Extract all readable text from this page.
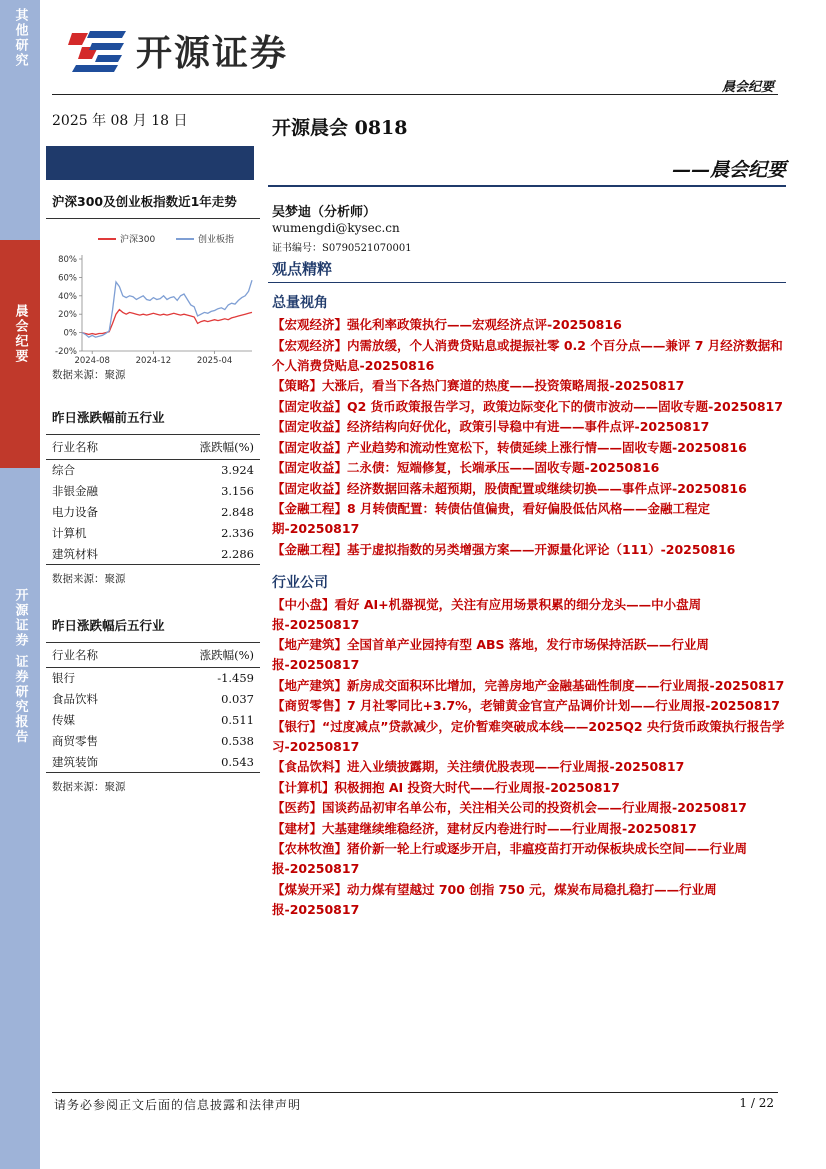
其他研究
晨会纪要
开源证券 证券研究报告
开源证券
晨会纪要
2025 年 08 月 18 日
沪深300及创业板指数近1年走势
-20%
0%
20%
40%
60%
80%
2024-08	2024-12	2025-04
沪深300	创业板指
数据来源：聚源
昨日涨跌幅前五行业
行业名称	涨跌幅(%)
综合	3.924
非银金融	3.156
电力设备	2.848
计算机	2.336
建筑材料	2.286
数据来源：聚源
昨日涨跌幅后五行业
行业名称	涨跌幅(%)
银行	-1.459
食品饮料	0.037
传媒	0.511
商贸零售	0.538
建筑装饰	0.543
数据来源：聚源
开源晨会 0818
——晨会纪要
吴梦迪（分析师）
wumengdi@kysec.cn
证书编号：S0790521070001
观点精粹
总量视角
【宏观经济】强化利率政策执行——宏观经济点评-20250816
【宏观经济】内需放缓，个人消费贷贴息或提振社零 0.2 个百分点——兼评 7 月经济数据和个人消费贷贴息-20250816
【策略】大涨后，看当下各热门赛道的热度——投资策略周报-20250817
【固定收益】Q2 货币政策报告学习，政策边际变化下的债市波动——固收专题-20250817
【固定收益】经济结构向好优化，政策引导稳中有进——事件点评-20250817
【固定收益】产业趋势和流动性宽松下，转债延续上涨行情——固收专题-20250816
【固定收益】二永债：短端修复，长端承压——固收专题-20250816
【固定收益】经济数据回落未超预期，股债配置或继续切换——事件点评-20250816
【金融工程】8 月转债配置：转债估值偏贵，看好偏股低估风格——金融工程定期-20250817
【金融工程】基于虚拟指数的另类增强方案——开源量化评论（111）-20250816
行业公司
【中小盘】看好 AI+机器视觉，关注有应用场景积累的细分龙头——中小盘周报-20250817
【地产建筑】全国首单产业园持有型 ABS 落地，发行市场保持活跃——行业周报-20250817
【地产建筑】新房成交面积环比增加，完善房地产金融基础性制度——行业周报-20250817
【商贸零售】7 月社零同比+3.7%，老铺黄金官宣产品调价计划——行业周报-20250817
【银行】“过度减点”贷款减少，定价暂难突破成本线——2025Q2 央行货币政策执行报告学习-20250817
【食品饮料】进入业绩披露期，关注绩优股表现——行业周报-20250817
【计算机】积极拥抱 AI 投资大时代——行业周报-20250817
【医药】国谈药品初审名单公布，关注相关公司的投资机会——行业周报-20250817
【建材】大基建继续维稳经济，建材反内卷进行时——行业周报-20250817
【农林牧渔】猪价新一轮上行或逐步开启，非瘟疫苗打开动保板块成长空间——行业周报-20250817
【煤炭开采】动力煤有望越过 700 创指 750 元，煤炭布局稳扎稳打——行业周报-20250817
请务必参阅正文后面的信息披露和法律声明	1 / 22
